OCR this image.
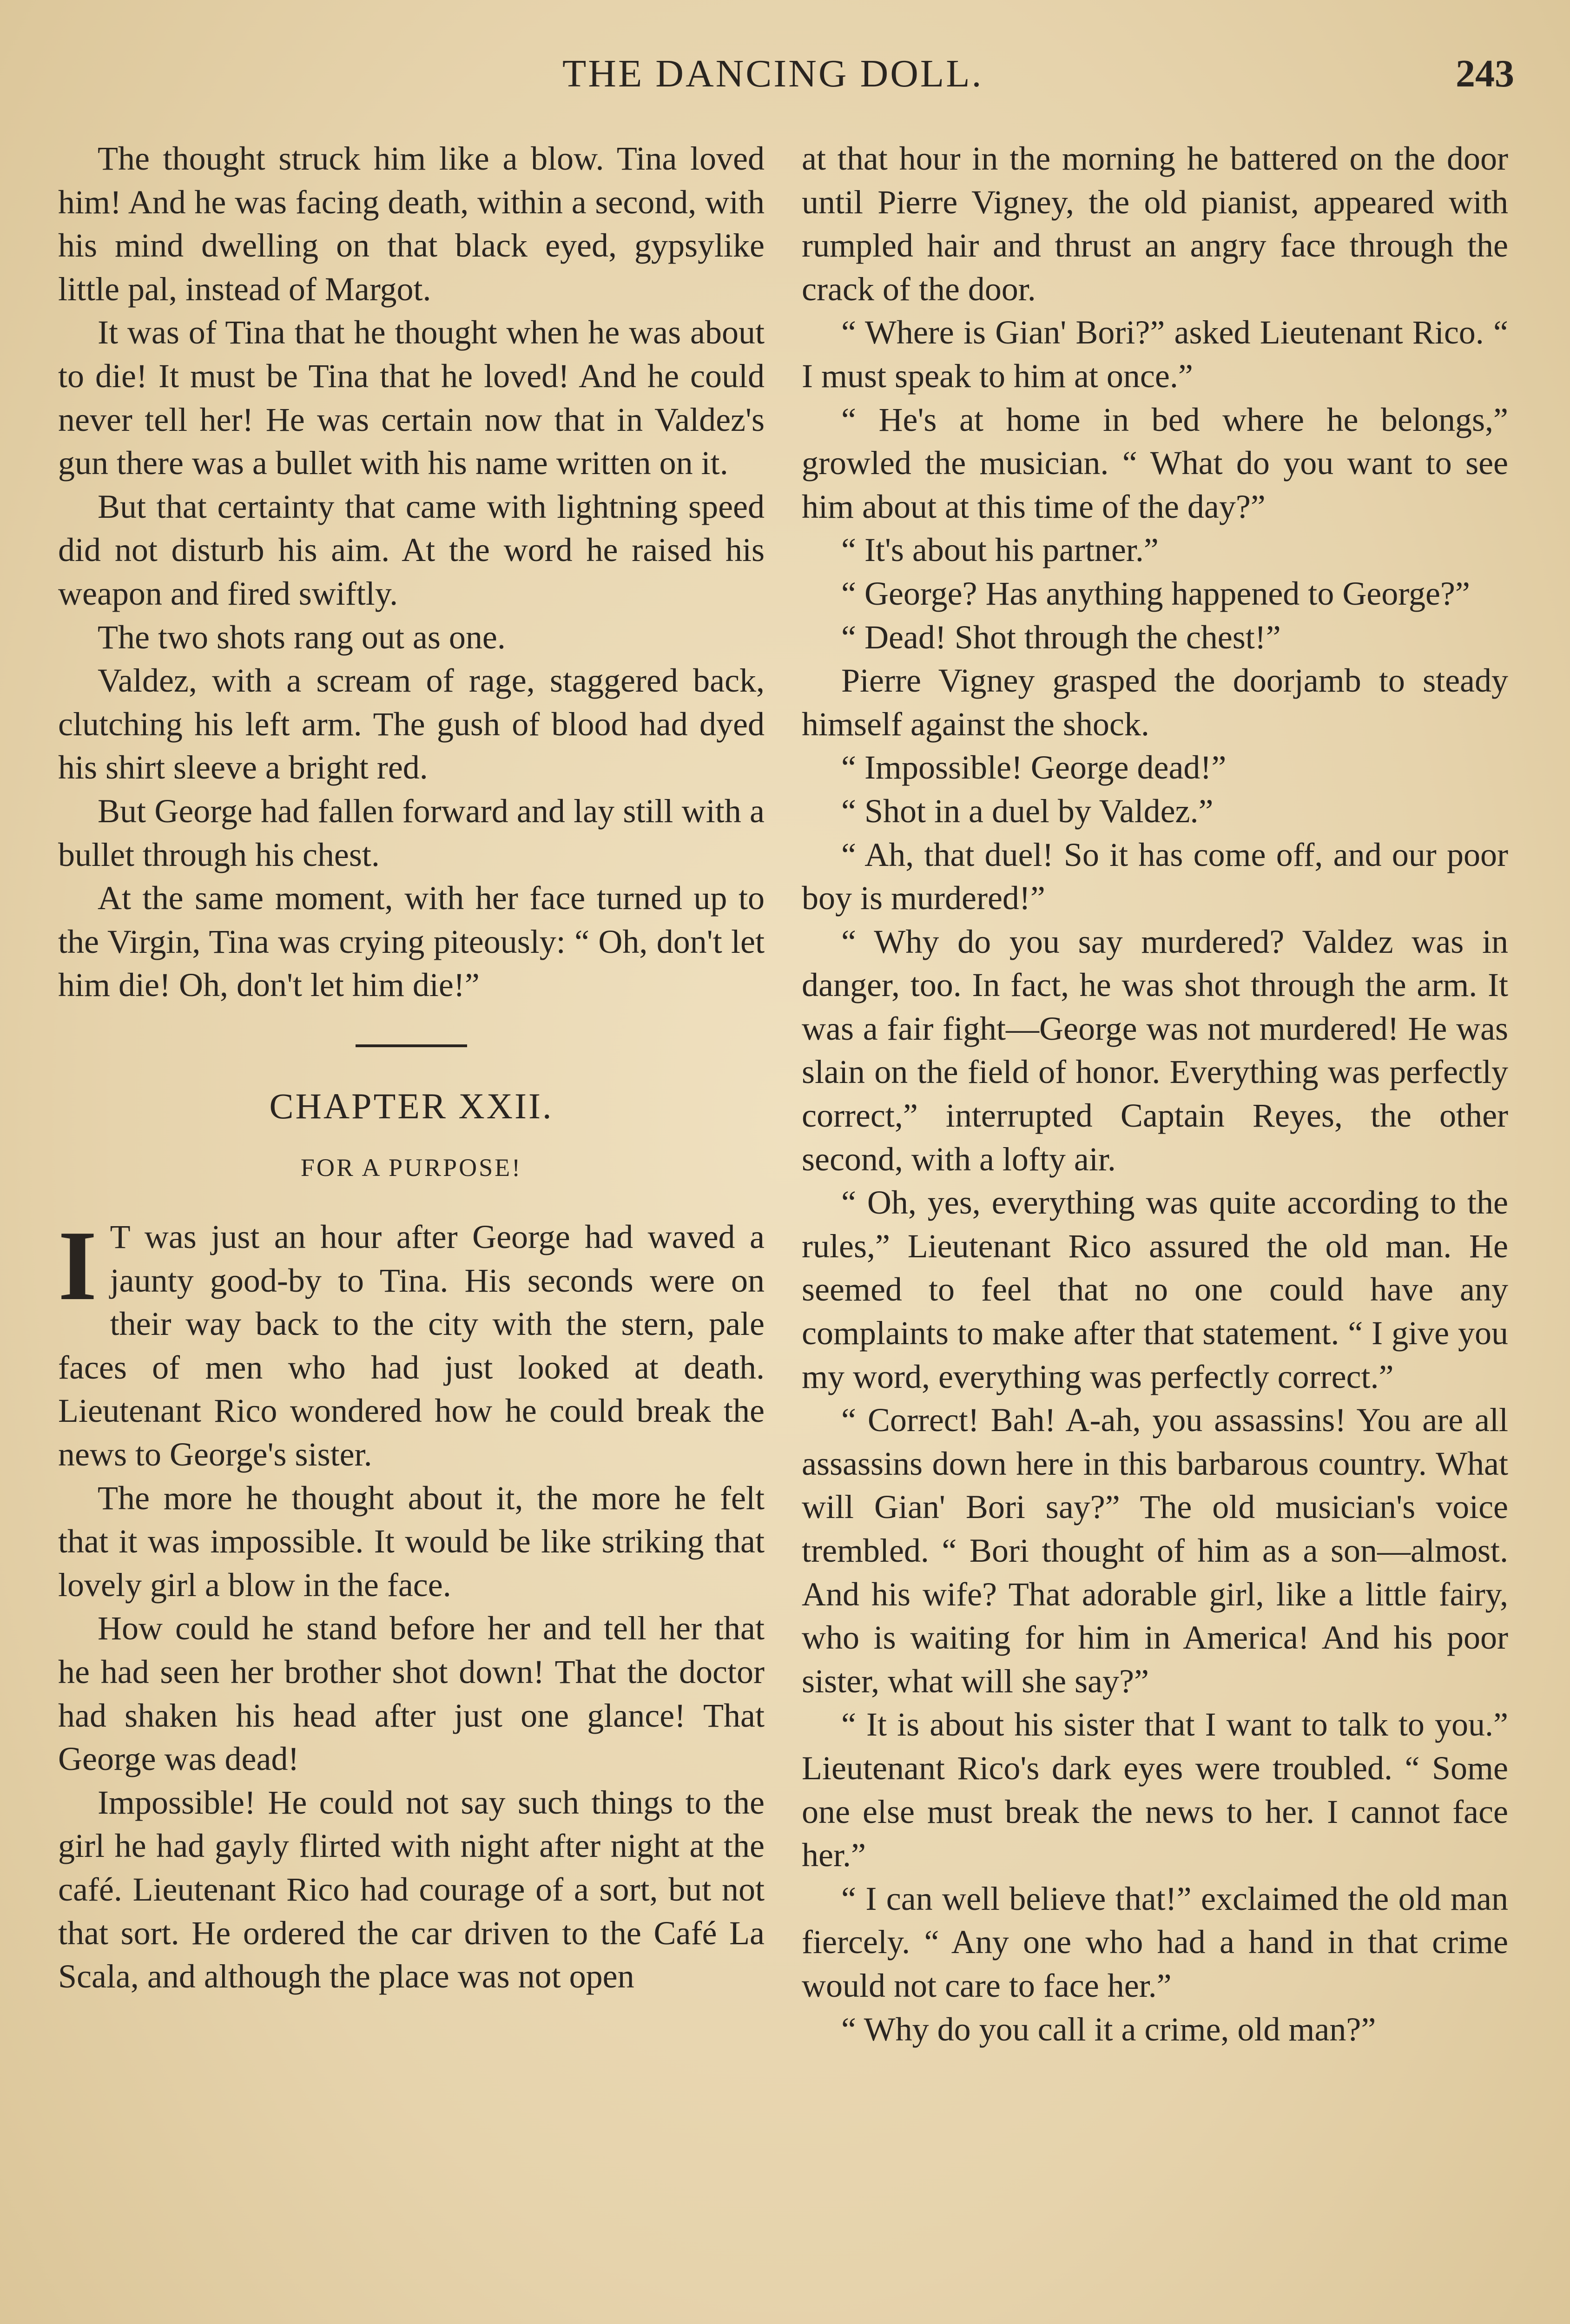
THE DANCING DOLL.	243

The thought struck him like a blow. Tina loved him! And he was facing death, within a second, with his mind dwelling on that black eyed, gypsylike little pal, instead of Margot.

It was of Tina that he thought when he was about to die! It must be Tina that he loved! And he could never tell her! He was certain now that in Valdez's gun there was a bullet with his name written on it.

But that certainty that came with lightning speed did not disturb his aim. At the word he raised his weapon and fired swiftly.

The two shots rang out as one.

Valdez, with a scream of rage, staggered back, clutching his left arm. The gush of blood had dyed his shirt sleeve a bright red.

But George had fallen forward and lay still with a bullet through his chest.

At the same moment, with her face turned up to the Virgin, Tina was crying piteously: “ Oh, don't let him die! Oh, don't let him die!”

CHAPTER XXII.
FOR A PURPOSE!

I T was just an hour after George had waved a jaunty good-by to Tina. His seconds were on their way back to the city with the stern, pale faces of men who had just looked at death. Lieutenant Rico wondered how he could break the news to George's sister.

The more he thought about it, the more he felt that it was impossible. It would be like striking that lovely girl a blow in the face.

How could he stand before her and tell her that he had seen her brother shot down! That the doctor had shaken his head after just one glance! That George was dead!

Impossible! He could not say such things to the girl he had gayly flirted with night after night at the café. Lieutenant Rico had courage of a sort, but not that sort. He ordered the car driven to the Café La Scala, and although the place was not open

at that hour in the morning he battered on the door until Pierre Vigney, the old pianist, appeared with rumpled hair and thrust an angry face through the crack of the door.

“ Where is Gian' Bori?” asked Lieutenant Rico. “ I must speak to him at once.”

“ He's at home in bed where he belongs,” growled the musician. “ What do you want to see him about at this time of the day?”

“ It's about his partner.”

“ George? Has anything happened to George?”

“ Dead! Shot through the chest!”

Pierre Vigney grasped the doorjamb to steady himself against the shock.

“ Impossible! George dead!”

“ Shot in a duel by Valdez.”

“ Ah, that duel! So it has come off, and our poor boy is murdered!”

“ Why do you say murdered? Valdez was in danger, too. In fact, he was shot through the arm. It was a fair fight—George was not murdered! He was slain on the field of honor. Everything was perfectly correct,” interrupted Captain Reyes, the other second, with a lofty air.

“ Oh, yes, everything was quite according to the rules,” Lieutenant Rico assured the old man. He seemed to feel that no one could have any complaints to make after that statement. “ I give you my word, everything was perfectly correct.”

“ Correct! Bah! A-ah, you assassins! You are all assassins down here in this barbarous country. What will Gian' Bori say?” The old musician's voice trembled. “ Bori thought of him as a son—almost. And his wife? That adorable girl, like a little fairy, who is waiting for him in America! And his poor sister, what will she say?”

“ It is about his sister that I want to talk to you.” Lieutenant Rico's dark eyes were troubled. “ Some one else must break the news to her. I cannot face her.”

“ I can well believe that!” exclaimed the old man fiercely. “ Any one who had a hand in that crime would not care to face her.”

“ Why do you call it a crime, old man?”
